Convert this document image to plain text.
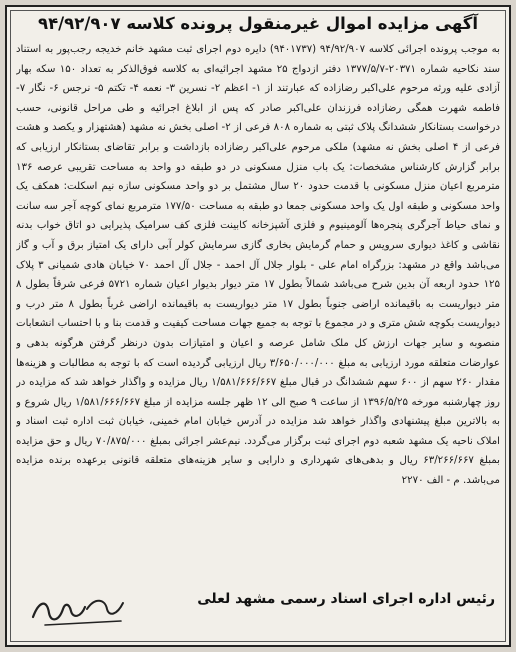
آگهی مزایده اموال غیرمنقول پرونده کلاسه ۹۴/۹۲/۹۰۷
به موجب پرونده اجرائی کلاسه ۹۴/۹۲/۹۰۷ (۹۴۰۱۷۳۷) دایره دوم اجرای ثبت مشهد خانم خدیجه رجب‌پور به استناد سند نکاحیه شماره ۲۰۳۷۱-۱۳۷۷/۵/۷ دفتر ازدواج ۲۵ مشهد اجرائیه‌ای به کلاسه فوق‌الذکر به تعداد ۱۵۰ سکه بهار آزادی علیه ورثه مرحوم علی‌اکبر رضازاده که عبارتند از ۱- اعظم ۲- نسرین ۳- نعمه ۴- تکتم ۵- نرجس ۶- نگار ۷- فاطمه شهرت همگی رضازاده فرزندان علی‌اکبر صادر که پس از ابلاغ اجرائیه و طی مراحل قانونی، حسب درخواست بستانکار ششدانگ پلاک ثبتی به شماره ۸۰۸ فرعی از ۲- اصلی بخش نه مشهد (هشتهزار و یکصد و هشت فرعی از ۴ اصلی بخش نه مشهد) ملکی مرحوم علی‌اکبر رضازاده بازداشت و برابر تقاضای بستانکار ارزیابی که برابر گزارش کارشناس مشخصات: یک باب منزل مسکونی در دو طبقه دو واحد به مساحت تقریبی عرصه ۱۳۶ مترمربع اعیان منزل مسکونی با قدمت حدود ۲۰ سال مشتمل بر دو واحد مسکونی سازه نیم اسکلت: همکف یک واحد مسکونی و طبقه اول یک واحد مسکونی جمعا دو طبقه به مساحت ۱۷۷/۵۰ مترمربع نمای کوچه آجر سه سانت و نمای حیاط آجرگری پنجره‌ها آلومینیوم و فلزی آشپزخانه کابینت فلزی کف سرامیک پذیرایی دو اتاق خواب بدنه نقاشی و کاغذ دیواری سرویس و حمام گرمایش بخاری گازی سرمایش کولر آبی دارای یک امتیاز برق و آب و گاز می‌باشد واقع در مشهد: بزرگراه امام علی - بلوار جلال آل احمد - جلال آل احمد ۷۰ خیابان هادی شمیانی ۳ پلاک ۱۲۵ حدود اربعه آن بدین شرح می‌باشد شمالاً بطول ۱۷ متر دیوار بدیوار اعیان شماره ۵۷۲۱ فرعی شرقاً بطول ۸ متر دیواریست به باقیمانده اراضی جنوباً بطول ۱۷ متر دیواریست به باقیمانده اراضی غرباً بطول ۸ متر درب و دیواریست بکوچه شش متری و در مجموع با توجه به جمیع جهات مساحت کیفیت و قدمت بنا و با احتساب انشعابات منصوبه و سایر جهات ارزش کل ملک شامل عرصه و اعیان و امتیازات بدون درنظر گرفتن هرگونه بدهی و عوارضات متعلقه مورد ارزیابی به مبلغ ۳/۶۵۰/۰۰۰/۰۰۰ ریال ارزیابی گردیده است که با توجه به مطالبات و هزینه‌ها مقدار ۲۶۰ سهم از ۶۰۰ سهم ششدانگ در قبال مبلغ ۱/۵۸۱/۶۶۶/۶۶۷ ریال مزایده و واگذار خواهد شد که مزایده در روز چهارشنبه مورخه ۱۳۹۶/۵/۲۵ از ساعت ۹ صبح الی ۱۲ ظهر جلسه مزایده از مبلغ ۱/۵۸۱/۶۶۶/۶۶۷ ریال شروع و به بالاترین مبلغ پیشنهادی واگذار خواهد شد مزایده در آدرس خیابان امام خمینی، خیابان ثبت اداره ثبت اسناد و املاک ناحیه یک مشهد شعبه دوم اجرای ثبت برگزار می‌گردد. نیم‌عشر اجرائی بمبلغ ۷۰/۸۷۵/۰۰۰ ریال و حق مزایده بمبلغ ۶۳/۲۶۶/۶۶۷ ریال و بدهی‌های شهرداری و دارایی و سایر هزینه‌های متعلقه قانونی برعهده برنده مزایده می‌باشد. م - الف ۲۲۷۰
رئیس اداره اجرای اسناد رسمی مشهد لعلی
